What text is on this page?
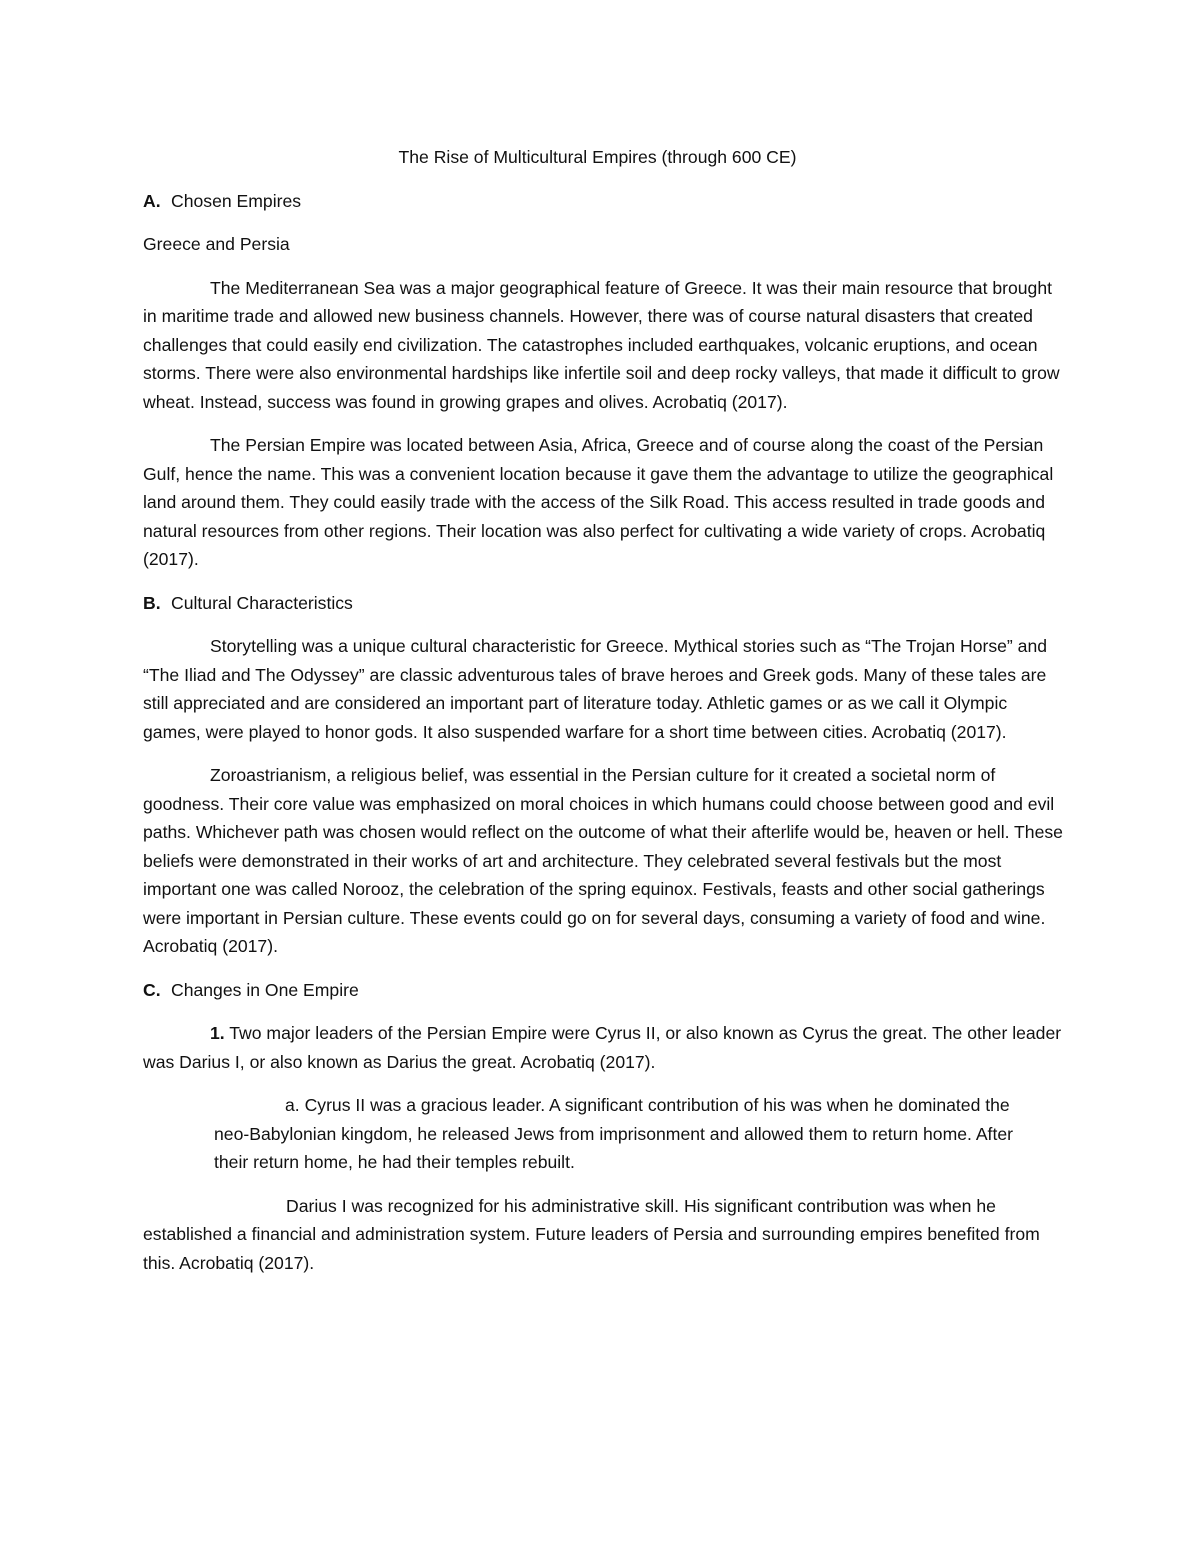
The Rise of Multicultural Empires (through 600 CE)
A. Chosen Empires
Greece and Persia

The Mediterranean Sea was a major geographical feature of Greece. It was their main resource that brought in maritime trade and allowed new business channels. However, there was of course natural disasters that created challenges that could easily end civilization. The catastrophes included earthquakes, volcanic eruptions, and ocean storms. There were also environmental hardships like infertile soil and deep rocky valleys, that made it difficult to grow wheat. Instead, success was found in growing grapes and olives. Acrobatiq (2017).

The Persian Empire was located between Asia, Africa, Greece and of course along the coast of the Persian Gulf, hence the name. This was a convenient location because it gave them the advantage to utilize the geographical land around them. They could easily trade with the access of the Silk Road. This access resulted in trade goods and natural resources from other regions. Their location was also perfect for cultivating a wide variety of crops. Acrobatiq (2017).

B. Cultural Characteristics

Storytelling was a unique cultural characteristic for Greece. Mythical stories such as “The Trojan Horse” and “The Iliad and The Odyssey” are classic adventurous tales of brave heroes and Greek gods. Many of these tales are still appreciated and are considered an important part of literature today. Athletic games or as we call it Olympic games, were played to honor gods. It also suspended warfare for a short time between cities. Acrobatiq (2017).

Zoroastrianism, a religious belief, was essential in the Persian culture for it created a societal norm of goodness. Their core value was emphasized on moral choices in which humans could choose between good and evil paths. Whichever path was chosen would reflect on the outcome of what their afterlife would be, heaven or hell. These beliefs were demonstrated in their works of art and architecture. They celebrated several festivals but the most important one was called Norooz, the celebration of the spring equinox. Festivals, feasts and other social gatherings were important in Persian culture. These events could go on for several days, consuming a variety of food and wine. Acrobatiq (2017).

C. Changes in One Empire

1. Two major leaders of the Persian Empire were Cyrus II, or also known as Cyrus the great. The other leader was Darius I, or also known as Darius the great. Acrobatiq (2017).

a. Cyrus II was a gracious leader. A significant contribution of his was when he dominated the neo-Babylonian kingdom, he released Jews from imprisonment and allowed them to return home. After their return home, he had their temples rebuilt.

Darius I was recognized for his administrative skill. His significant contribution was when he established a financial and administration system. Future leaders of Persia and surrounding empires benefited from this. Acrobatiq (2017).
